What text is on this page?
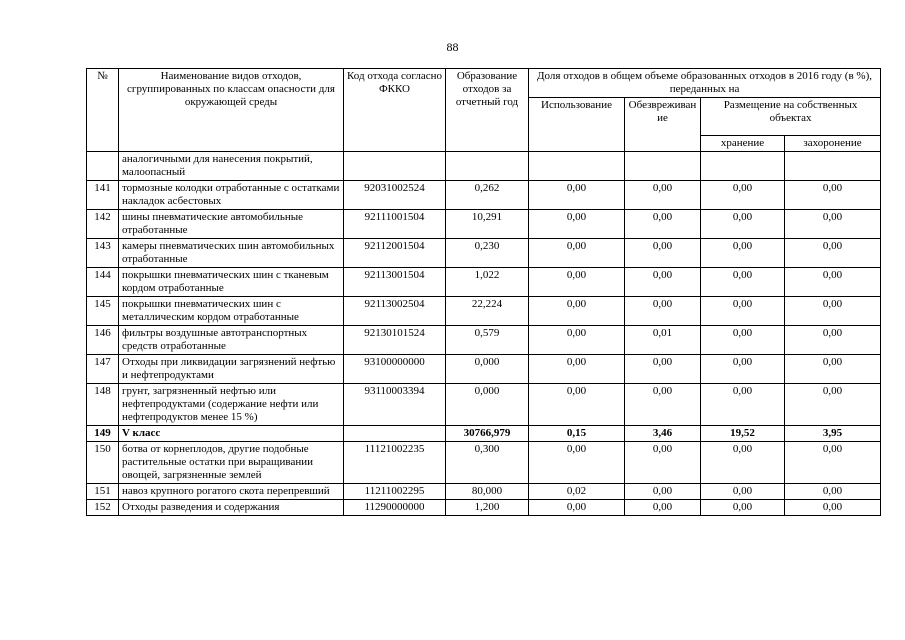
88
№	Наименование видов отходов, сгруппированных по классам опасности для окружающей среды	Код отхода согласно ФККО	Образование отходов за отчетный год	Доля отходов в общем объеме образованных отходов в 2016 году (в %), переданных на			
				Использование	Обезвреживание	Размещение на собственных объектах	
						хранение	захоронение
	аналогичными для нанесения покрытий, малоопасный						
141	тормозные колодки отработанные с остатками накладок асбестовых	92031002524	0,262	0,00	0,00	0,00	0,00
142	шины пневматические автомобильные отработанные	92111001504	10,291	0,00	0,00	0,00	0,00
143	камеры пневматических шин автомобильных отработанные	92112001504	0,230	0,00	0,00	0,00	0,00
144	покрышки пневматических шин с тканевым кордом отработанные	92113001504	1,022	0,00	0,00	0,00	0,00
145	покрышки пневматических шин с металлическим кордом отработанные	92113002504	22,224	0,00	0,00	0,00	0,00
146	фильтры воздушные автотранспортных средств отработанные	92130101524	0,579	0,00	0,01	0,00	0,00
147	Отходы при ликвидации загрязнений нефтью и нефтепродуктами	93100000000	0,000	0,00	0,00	0,00	0,00
148	грунт, загрязненный нефтью или нефтепродуктами (содержание нефти или нефтепродуктов менее 15 %)	93110003394	0,000	0,00	0,00	0,00	0,00
149	V класс		30766,979	0,15	3,46	19,52	3,95
150	ботва от корнеплодов, другие подобные растительные остатки при выращивании овощей, загрязненные землей	11121002235	0,300	0,00	0,00	0,00	0,00
151	навоз крупного рогатого скота перепревший	11211002295	80,000	0,02	0,00	0,00	0,00
152	Отходы разведения и содержания	11290000000	1,200	0,00	0,00	0,00	0,00
